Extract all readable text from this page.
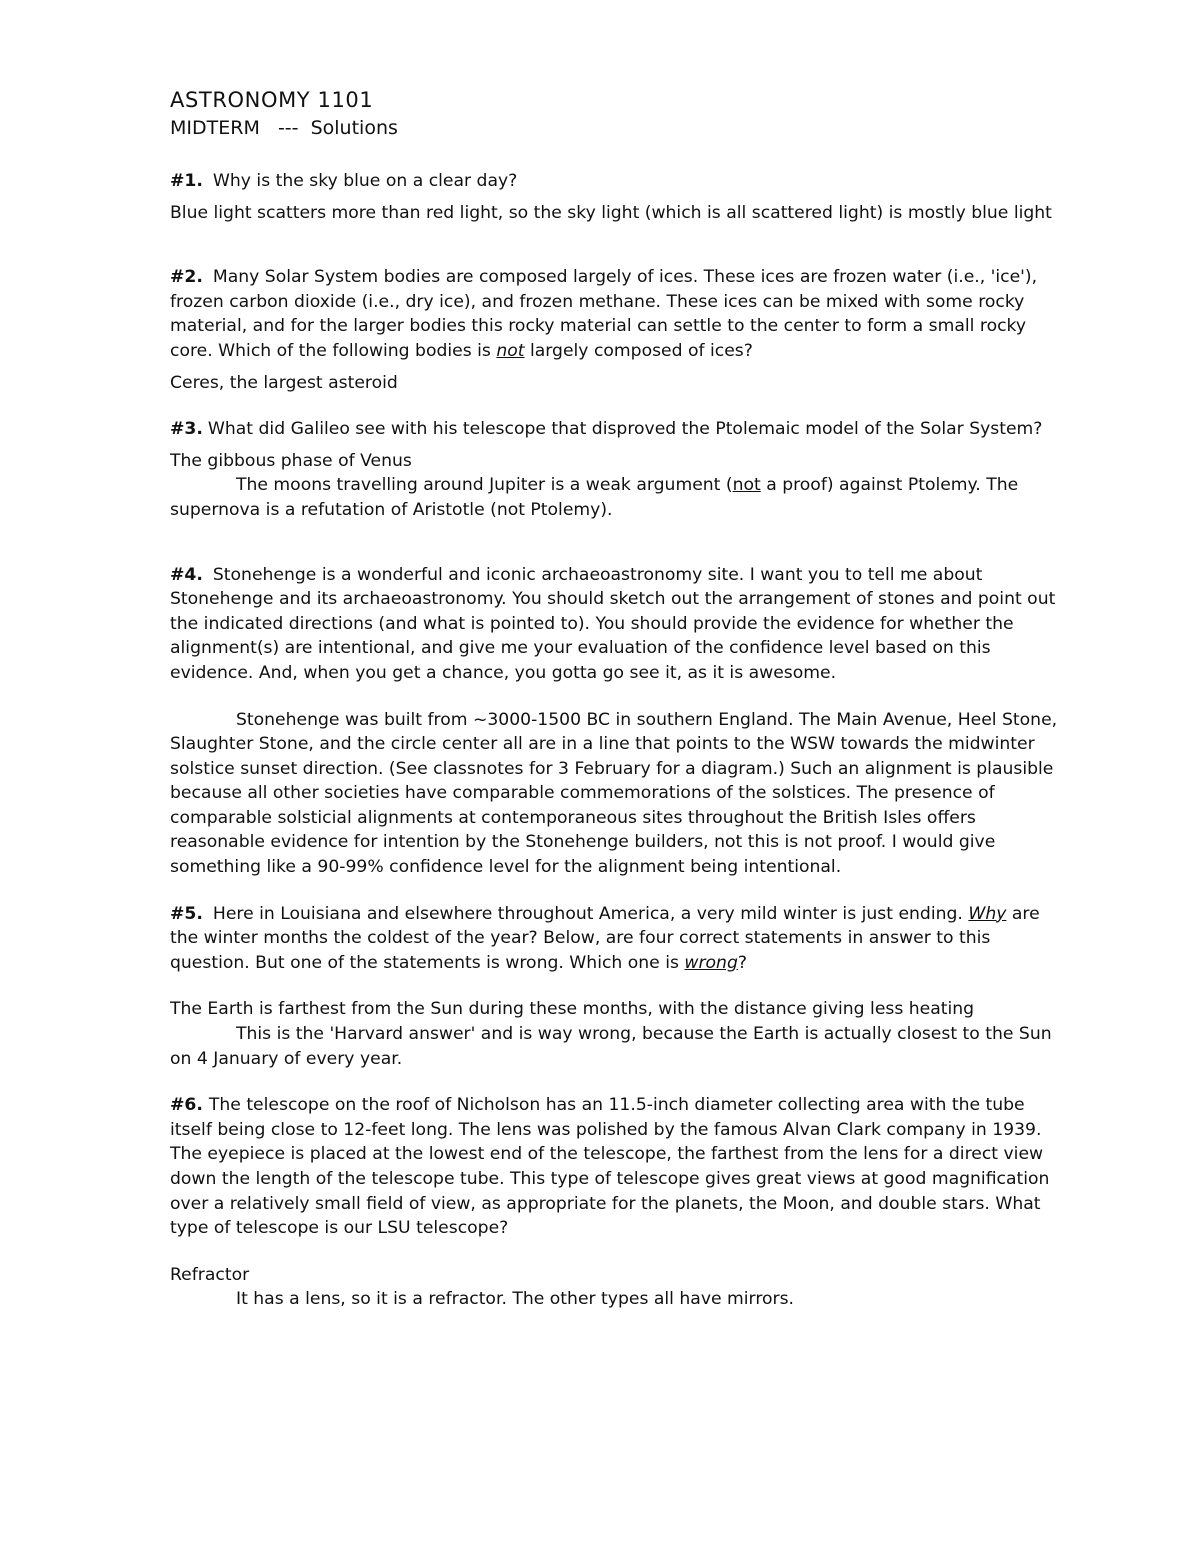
ASTRONOMY 1101
MIDTERM   ---  Solutions

#1. Why is the sky blue on a clear day?

Blue light scatters more than red light, so the sky light (which is all scattered light) is mostly blue light

#2. Many Solar System bodies are composed largely of ices. These ices are frozen water (i.e., 'ice'), frozen carbon dioxide (i.e., dry ice), and frozen methane. These ices can be mixed with some rocky material, and for the larger bodies this rocky material can settle to the center to form a small rocky core. Which of the following bodies is not largely composed of ices?

Ceres, the largest asteroid

#3. What did Galileo see with his telescope that disproved the Ptolemaic model of the Solar System?

The gibbous phase of Venus

The moons travelling around Jupiter is a weak argument (not a proof) against Ptolemy. The supernova is a refutation of Aristotle (not Ptolemy).

#4. Stonehenge is a wonderful and iconic archaeoastronomy site. I want you to tell me about Stonehenge and its archaeoastronomy. You should sketch out the arrangement of stones and point out the indicated directions (and what is pointed to). You should provide the evidence for whether the alignment(s) are intentional, and give me your evaluation of the confidence level based on this evidence. And, when you get a chance, you gotta go see it, as it is awesome.

Stonehenge was built from ~3000-1500 BC in southern England. The Main Avenue, Heel Stone, Slaughter Stone, and the circle center all are in a line that points to the WSW towards the midwinter solstice sunset direction. (See classnotes for 3 February for a diagram.) Such an alignment is plausible because all other societies have comparable commemorations of the solstices. The presence of comparable solsticial alignments at contemporaneous sites throughout the British Isles offers reasonable evidence for intention by the Stonehenge builders, not this is not proof. I would give something like a 90-99% confidence level for the alignment being intentional.

#5. Here in Louisiana and elsewhere throughout America, a very mild winter is just ending. Why are the winter months the coldest of the year? Below, are four correct statements in answer to this question. But one of the statements is wrong. Which one is wrong?

The Earth is farthest from the Sun during these months, with the distance giving less heating

This is the 'Harvard answer' and is way wrong, because the Earth is actually closest to the Sun on 4 January of every year.

#6. The telescope on the roof of Nicholson has an 11.5-inch diameter collecting area with the tube itself being close to 12-feet long. The lens was polished by the famous Alvan Clark company in 1939. The eyepiece is placed at the lowest end of the telescope, the farthest from the lens for a direct view down the length of the telescope tube. This type of telescope gives great views at good magnification over a relatively small field of view, as appropriate for the planets, the Moon, and double stars. What type of telescope is our LSU telescope?

Refractor

It has a lens, so it is a refractor. The other types all have mirrors.
